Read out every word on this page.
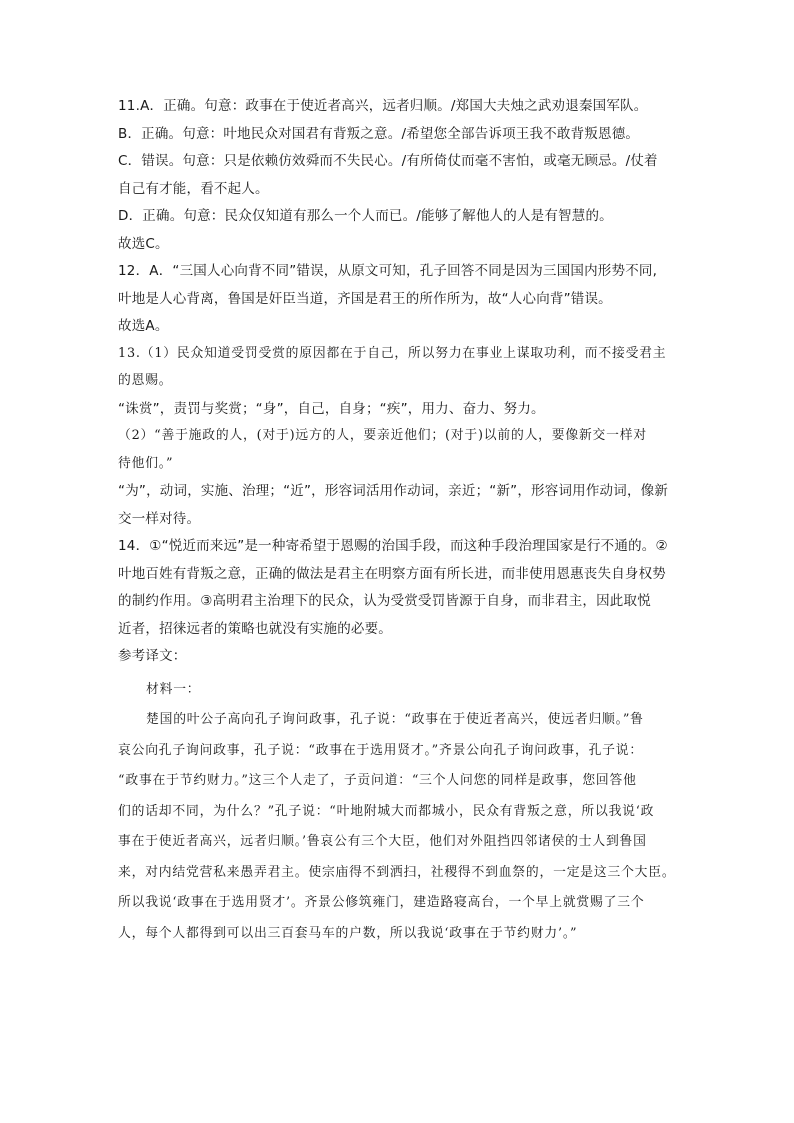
11.A．正确。句意：政事在于使近者高兴，远者归顺。/郑国大夫烛之武劝退秦国军队。
B．正确。句意：叶地民众对国君有背叛之意。/希望您全部告诉项王我不敢背叛恩德。
C．错误。句意：只是依赖仿效舜而不失民心。/有所倚仗而毫不害怕，或毫无顾忌。/仗着
自己有才能，看不起人。
D．正确。句意：民众仅知道有那么一个人而已。/能够了解他人的人是有智慧的。
故选C。
12．A．“三国人心向背不同”错误，从原文可知，孔子回答不同是因为三国国内形势不同,
叶地是人心背离，鲁国是奸臣当道，齐国是君王的所作所为，故“人心向背”错误。
故选A。
13.（1）民众知道受罚受赏的原因都在于自己，所以努力在事业上谋取功利，而不接受君主
的恩赐。
“诛赏”，责罚与奖赏；“身”，自己，自身；“疾”，用力、奋力、努力。
（2）“善于施政的人，(对于)远方的人，要亲近他们；(对于)以前的人，要像新交一样对
待他们。”
“为”，动词，实施、治理；“近”，形容词活用作动词，亲近；“新”，形容词用作动词，像新
交一样对待。
14．①“悦近而来远”是一种寄希望于恩赐的治国手段，而这种手段治理国家是行不通的。②
叶地百姓有背叛之意，正确的做法是君主在明察方面有所长进，而非使用恩惠丧失自身权势
的制约作用。③高明君主治理下的民众，认为受赏受罚皆源于自身，而非君主，因此取悦
近者，招徕远者的策略也就没有实施的必要。
参考译文：
材料一：
楚国的叶公子高向孔子询问政事，孔子说：“政事在于使近者高兴，使远者归顺。”鲁
哀公向孔子询问政事，孔子说：“政事在于选用贤才。”齐景公向孔子询问政事，孔子说：
“政事在于节约财力。”这三个人走了，子贡问道：“三个人问您的同样是政事，您回答他
们的话却不同，为什么？”孔子说：“叶地附城大而都城小，民众有背叛之意，所以我说‘政
事在于使近者高兴，远者归顺。’鲁哀公有三个大臣，他们对外阻挡四邻诸侯的士人到鲁国
来，对内结党营私来愚弄君主。使宗庙得不到洒扫，社稷得不到血祭的，一定是这三个大臣。
所以我说‘政事在于选用贤才’。齐景公修筑雍门，建造路寝高台，一个早上就赏赐了三个
人，每个人都得到可以出三百套马车的户数，所以我说‘政事在于节约财力’。”
